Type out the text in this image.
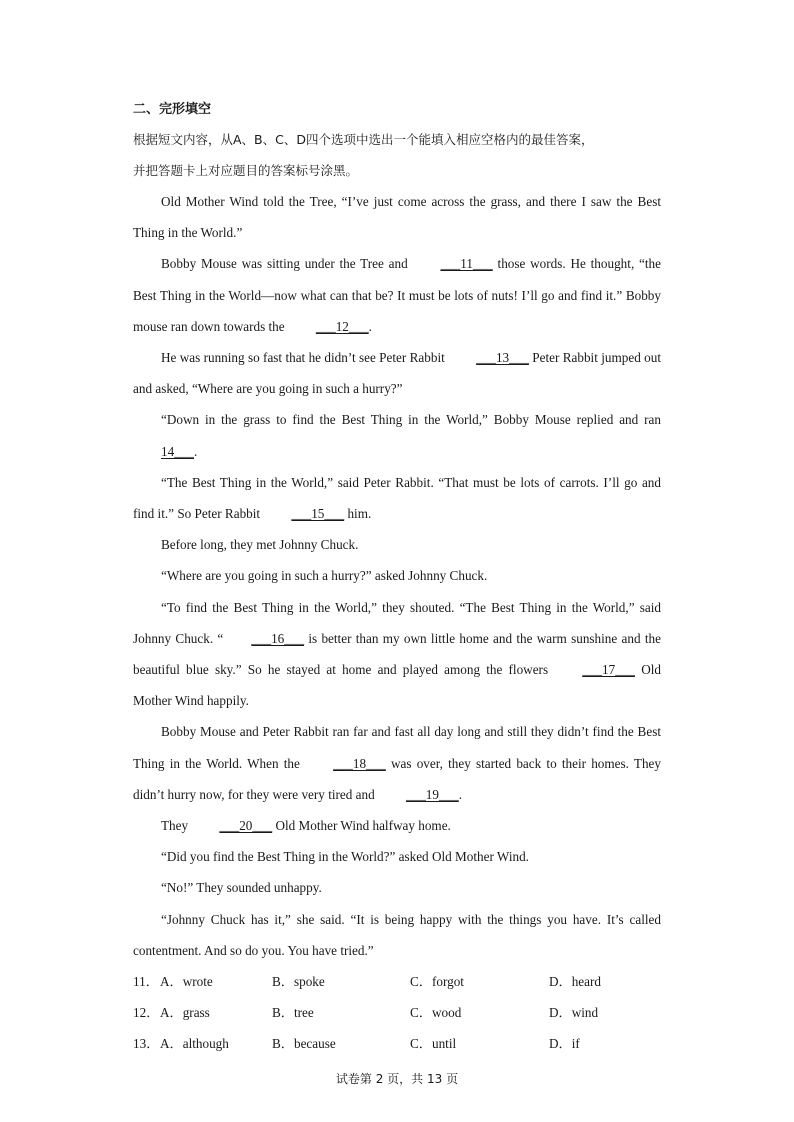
二、完形填空
根据短文内容，从A、B、C、D四个选项中选出一个能填入相应空格内的最佳答案，
并把答题卡上对应题目的答案标号涂黑。
Old Mother Wind told the Tree, “I’ve just come across the grass, and there I saw the Best Thing in the World.”
Bobby Mouse was sitting under the Tree and ___11___ those words. He thought, “the Best Thing in the World—now what can that be? It must be lots of nuts! I’ll go and find it.” Bobby mouse ran down towards the ___12___.
He was running so fast that he didn’t see Peter Rabbit ___13___ Peter Rabbit jumped out and asked, “Where are you going in such a hurry?”
“Down in the grass to find the Best Thing in the World,” Bobby Mouse replied and ran 14___.
“The Best Thing in the World,” said Peter Rabbit. “That must be lots of carrots. I’ll go and find it.” So Peter Rabbit ___15___ him.
Before long, they met Johnny Chuck.
“Where are you going in such a hurry?” asked Johnny Chuck.
“To find the Best Thing in the World,” they shouted. “The Best Thing in the World,” said Johnny Chuck. “ ___16___ is better than my own little home and the warm sunshine and the beautiful blue sky.” So he stayed at home and played among the flowers ___17___ Old Mother Wind happily.
Bobby Mouse and Peter Rabbit ran far and fast all day long and still they didn’t find the Best Thing in the World. When the ___18___ was over, they started back to their homes. They didn’t hurry now, for they were very tired and ___19___.
They ___20___ Old Mother Wind halfway home.
“Did you find the Best Thing in the World?” asked Old Mother Wind.
“No!” They sounded unhappy.
“Johnny Chuck has it,” she said. “It is being happy with the things you have. It’s called contentment. And so do you. You have tried.”
11． A．wrote	B．spoke	C．forgot	D．heard
12． A．grass	B．tree	C．wood	D．wind
13． A．although	B．because	C．until	D．if
试卷第 2 页，共 13 页
